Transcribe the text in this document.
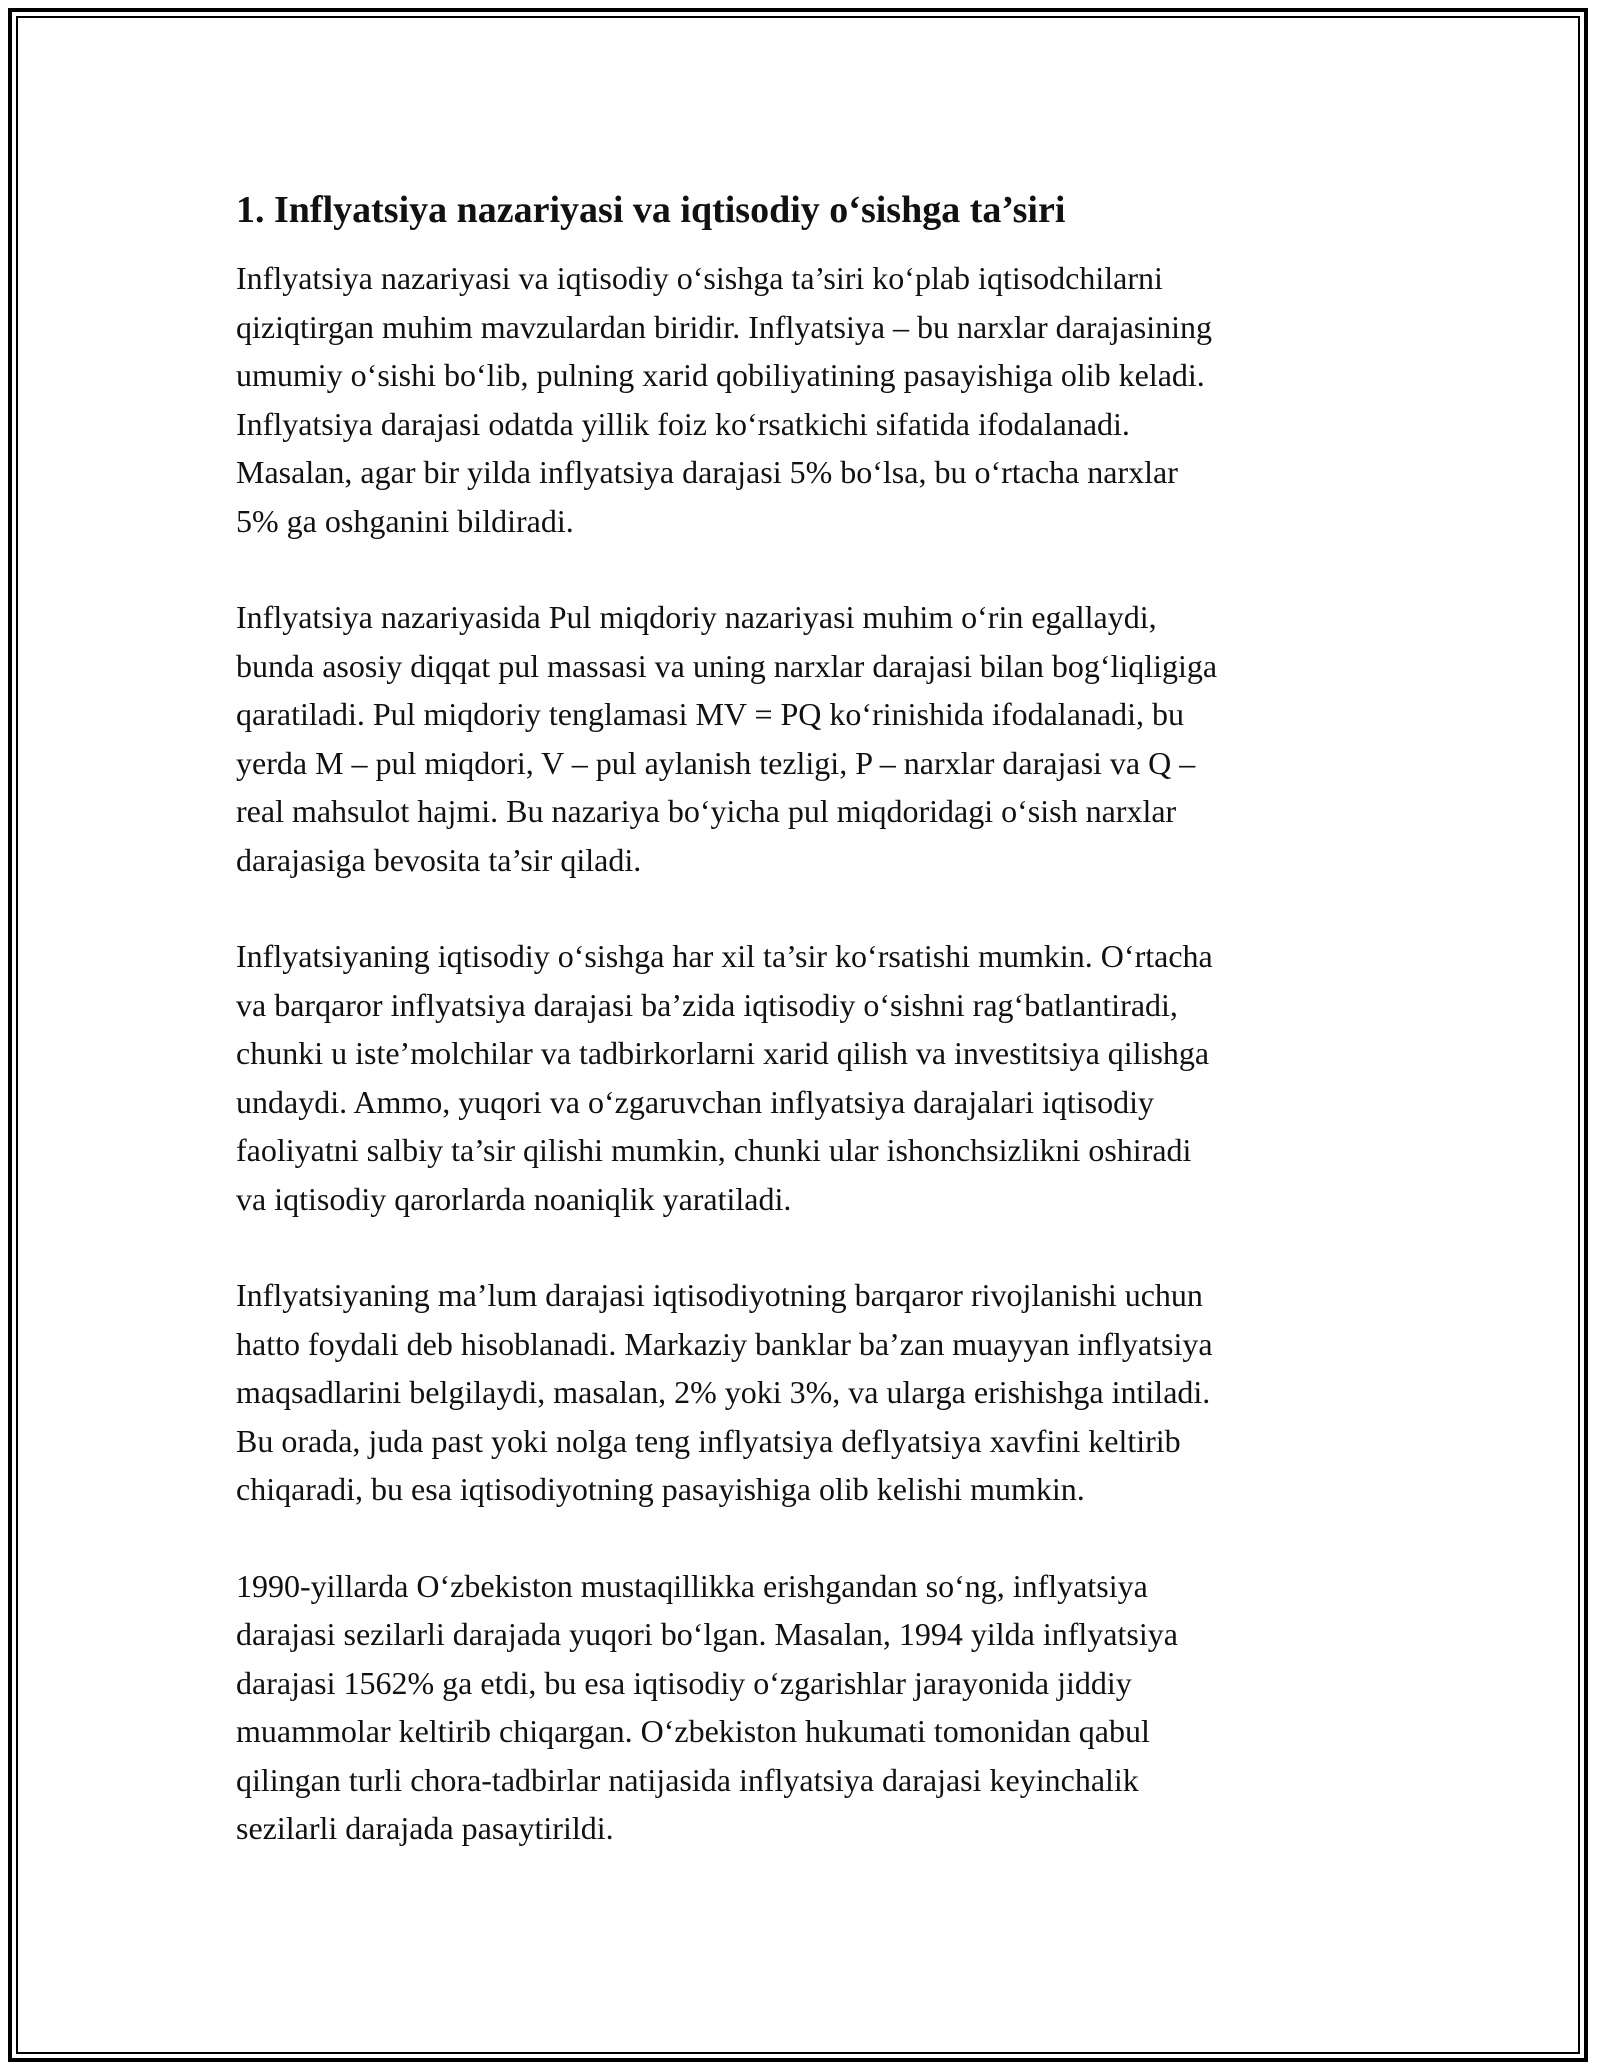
1. Inflyatsiya nazariyasi va iqtisodiy o‘sishga ta’siri
Inflyatsiya nazariyasi va iqtisodiy o‘sishga ta’siri ko‘plab iqtisodchilarni
qiziqtirgan muhim mavzulardan biridir. Inflyatsiya – bu narxlar darajasining
umumiy o‘sishi bo‘lib, pulning xarid qobiliyatining pasayishiga olib keladi.
Inflyatsiya darajasi odatda yillik foiz ko‘rsatkichi sifatida ifodalanadi.
Masalan, agar bir yilda inflyatsiya darajasi 5% bo‘lsa, bu o‘rtacha narxlar
5% ga oshganini bildiradi.
Inflyatsiya nazariyasida Pul miqdoriy nazariyasi muhim o‘rin egallaydi,
bunda asosiy diqqat pul massasi va uning narxlar darajasi bilan bog‘liqligiga
qaratiladi. Pul miqdoriy tenglamasi MV = PQ ko‘rinishida ifodalanadi, bu
yerda M – pul miqdori, V – pul aylanish tezligi, P – narxlar darajasi va Q –
real mahsulot hajmi. Bu nazariya bo‘yicha pul miqdoridagi o‘sish narxlar
darajasiga bevosita ta’sir qiladi.
Inflyatsiyaning iqtisodiy o‘sishga har xil ta’sir ko‘rsatishi mumkin. O‘rtacha
va barqaror inflyatsiya darajasi ba’zida iqtisodiy o‘sishni rag‘batlantiradi,
chunki u iste’molchilar va tadbirkorlarni xarid qilish va investitsiya qilishga
undaydi. Ammo, yuqori va o‘zgaruvchan inflyatsiya darajalari iqtisodiy
faoliyatni salbiy ta’sir qilishi mumkin, chunki ular ishonchsizlikni oshiradi
va iqtisodiy qarorlarda noaniqlik yaratiladi.
Inflyatsiyaning ma’lum darajasi iqtisodiyotning barqaror rivojlanishi uchun
hatto foydali deb hisoblanadi. Markaziy banklar ba’zan muayyan inflyatsiya
maqsadlarini belgilaydi, masalan, 2% yoki 3%, va ularga erishishga intiladi.
Bu orada, juda past yoki nolga teng inflyatsiya deflyatsiya xavfini keltirib
chiqaradi, bu esa iqtisodiyotning pasayishiga olib kelishi mumkin.
1990-yillarda O‘zbekiston mustaqillikka erishgandan so‘ng, inflyatsiya
darajasi sezilarli darajada yuqori bo‘lgan. Masalan, 1994 yilda inflyatsiya
darajasi 1562% ga etdi, bu esa iqtisodiy o‘zgarishlar jarayonida jiddiy
muammolar keltirib chiqargan. O‘zbekiston hukumati tomonidan qabul
qilingan turli chora-tadbirlar natijasida inflyatsiya darajasi keyinchalik
sezilarli darajada pasaytirildi.
